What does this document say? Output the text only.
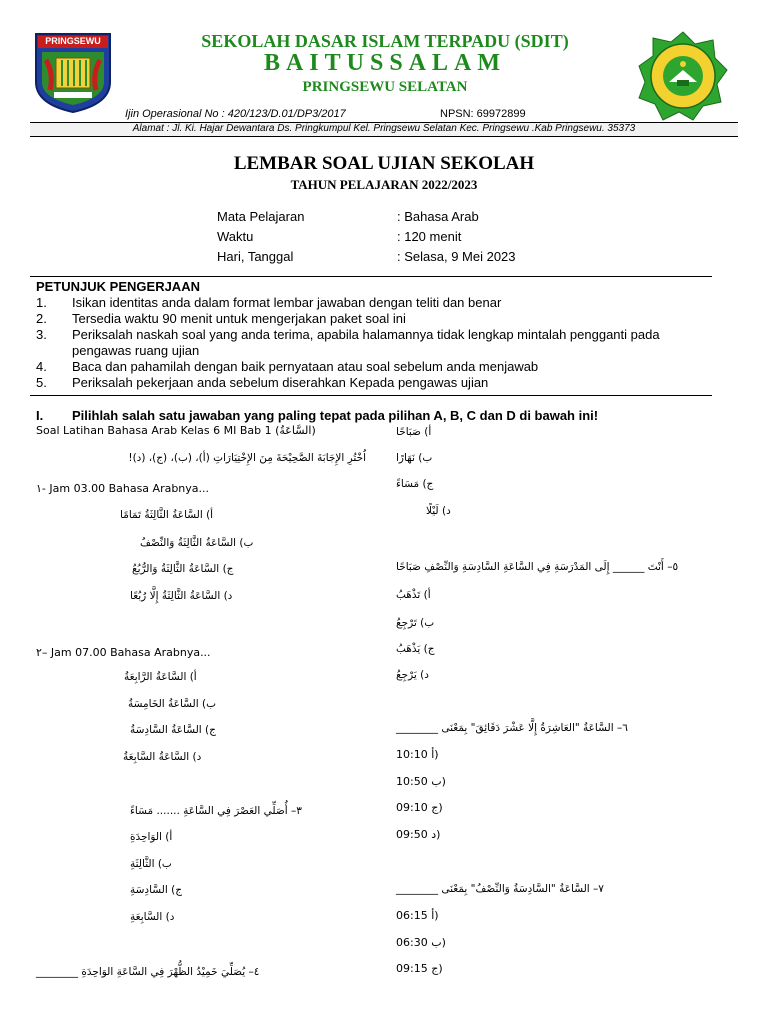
PRINGSEWU	SEKOLAH DASAR ISLAM TERPADU (SDIT)
BAITUSSALAM
PRINGSEWU SELATAN
Ijin Operasional No : 420/123/D.01/DP3/2017	NPSN: 69972899
Alamat : Jl. Ki. Hajar Dewantara Ds. Pringkumpul Kel. Pringsewu Selatan Kec. Pringsewu .Kab Pringsewu. 35373
LEMBAR SOAL UJIAN SEKOLAH
TAHUN PELAJARAN 2022/2023
Mata Pelajaran	: Bahasa Arab
Waktu	: 120 menit
Hari, Tanggal	: Selasa, 9 Mei 2023
PETUNJUK PENGERJAAN
1. Isikan identitas anda dalam format lembar jawaban dengan teliti dan benar
2. Tersedia waktu 90 menit untuk mengerjakan paket soal ini
3. Periksalah naskah soal yang anda terima, apabila halamannya tidak lengkap mintalah pengganti pada pengawas ruang ujian
4. Baca dan pahamilah dengan baik pernyataan atau soal sebelum anda menjawab
5. Periksalah pekerjaan anda sebelum diserahkan Kepada pengawas ujian
I. Pilihlah salah satu jawaban yang paling tepat pada pilihan A, B, C dan D di bawah ini!
Soal Latihan Bahasa Arab Kelas 6 MI Bab 1 (السَّاعَةُ)
اُخْتُرِ الإِجَابَةَ الصَّحِيْحَةَ مِنَ الإِخْتِيَارَاتِ (أ)، (ب)، (ج)، (د)!
١- Jam 03.00 Bahasa Arabnya...
أ) السَّاعَةُ الثَّالِثَةُ تَمَامًا
ب) السَّاعَةُ الثَّالِثَةُ وَالنِّصْفُ
ج) السَّاعَةُ الثَّالِثَةُ وَالرُّبُعُ
د) السَّاعَةُ الثَّالِثَةُ إِلَّا رُبُعًا
٢– Jam 07.00 Bahasa Arabnya...
أ) السَّاعَةُ الرَّابِعَةُ
ب) السَّاعَةُ الخَامِسَةُ
ج) السَّاعَةُ السَّادِسَةُ
د) السَّاعَةُ السَّابِعَةُ
٣– أُصَلِّي العَصْرَ فِي السَّاعَةِ ....... مَسَاءً
أ) الوَاحِدَةِ
ب) الثَّالِثَةِ
ج) السَّادِسَةِ
د) السَّابِعَةِ
٤– يُصَلِّيَ خَمِيْدُ الظُّهْرَ فِي السَّاعَةِ الوَاحِدَةِ ________
أ) صَبَاحًا
ب) نَهَارًا
ج) مَسَاءً
د) لَيْلًا
٥– أَنْتَ ______ إِلَى المَدْرَسَةِ فِي السَّاعَةِ السَّادِسَةِ وَالنِّصْفِ صَبَاحًا
أ) تَذْهَبُ
ب) تَرْجِعُ
ج) يَذْهَبُ
د) يَرْجِعُ
٦– السَّاعَةُ "العَاشِرَةُ إِلَّا عَشْرَ دَقَائِقَ" بِمَعْنَى ________
10:10 أ)
10:50 ب)
09:10 ج)
09:50 د)
٧– السَّاعَةُ "السَّادِسَةُ وَالنِّصْفُ" بِمَعْنَى ________
06:15 أ)
06:30 ب)
09:15 ج)
